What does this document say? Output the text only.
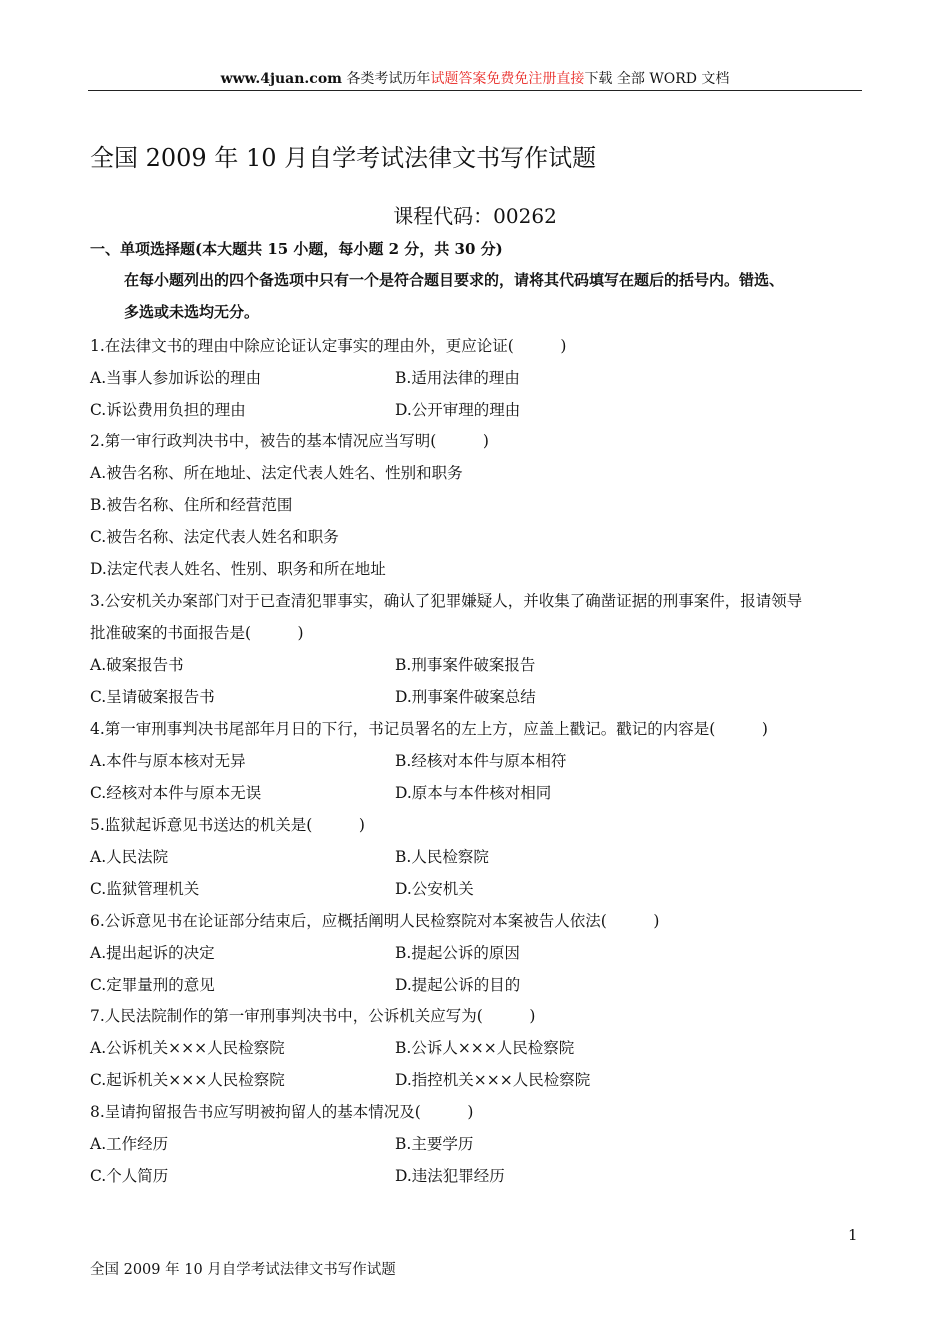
www.4juan.com 各类考试历年试题答案免费免注册直接下载 全部 WORD 文档
全国 2009 年 10 月自学考试法律文书写作试题
课程代码：00262
一、单项选择题(本大题共 15 小题，每小题 2 分，共 30 分)
在每小题列出的四个备选项中只有一个是符合题目要求的，请将其代码填写在题后的括号内。错选、
多选或未选均无分。
1.在法律文书的理由中除应论证认定事实的理由外，更应论证(　　　)
A.当事人参加诉讼的理由	B.适用法律的理由
C.诉讼费用负担的理由	D.公开审理的理由
2.第一审行政判决书中，被告的基本情况应当写明(　　　)
A.被告名称、所在地址、法定代表人姓名、性别和职务
B.被告名称、住所和经营范围
C.被告名称、法定代表人姓名和职务
D.法定代表人姓名、性别、职务和所在地址
3.公安机关办案部门对于已查清犯罪事实，确认了犯罪嫌疑人，并收集了确凿证据的刑事案件，报请领导
批准破案的书面报告是(　　　)
A.破案报告书	B.刑事案件破案报告
C.呈请破案报告书	D.刑事案件破案总结
4.第一审刑事判决书尾部年月日的下行，书记员署名的左上方，应盖上戳记。戳记的内容是(　　　)
A.本件与原本核对无异	B.经核对本件与原本相符
C.经核对本件与原本无误	D.原本与本件核对相同
5.监狱起诉意见书送达的机关是(　　　)
A.人民法院	B.人民检察院
C.监狱管理机关	D.公安机关
6.公诉意见书在论证部分结束后，应概括阐明人民检察院对本案被告人依法(　　　)
A.提出起诉的决定	B.提起公诉的原因
C.定罪量刑的意见	D.提起公诉的目的
7.人民法院制作的第一审刑事判决书中，公诉机关应写为(　　　)
A.公诉机关×××人民检察院	B.公诉人×××人民检察院
C.起诉机关×××人民检察院	D.指控机关×××人民检察院
8.呈请拘留报告书应写明被拘留人的基本情况及(　　　)
A.工作经历	B.主要学历
C.个人简历	D.违法犯罪经历
1
全国 2009 年 10 月自学考试法律文书写作试题
